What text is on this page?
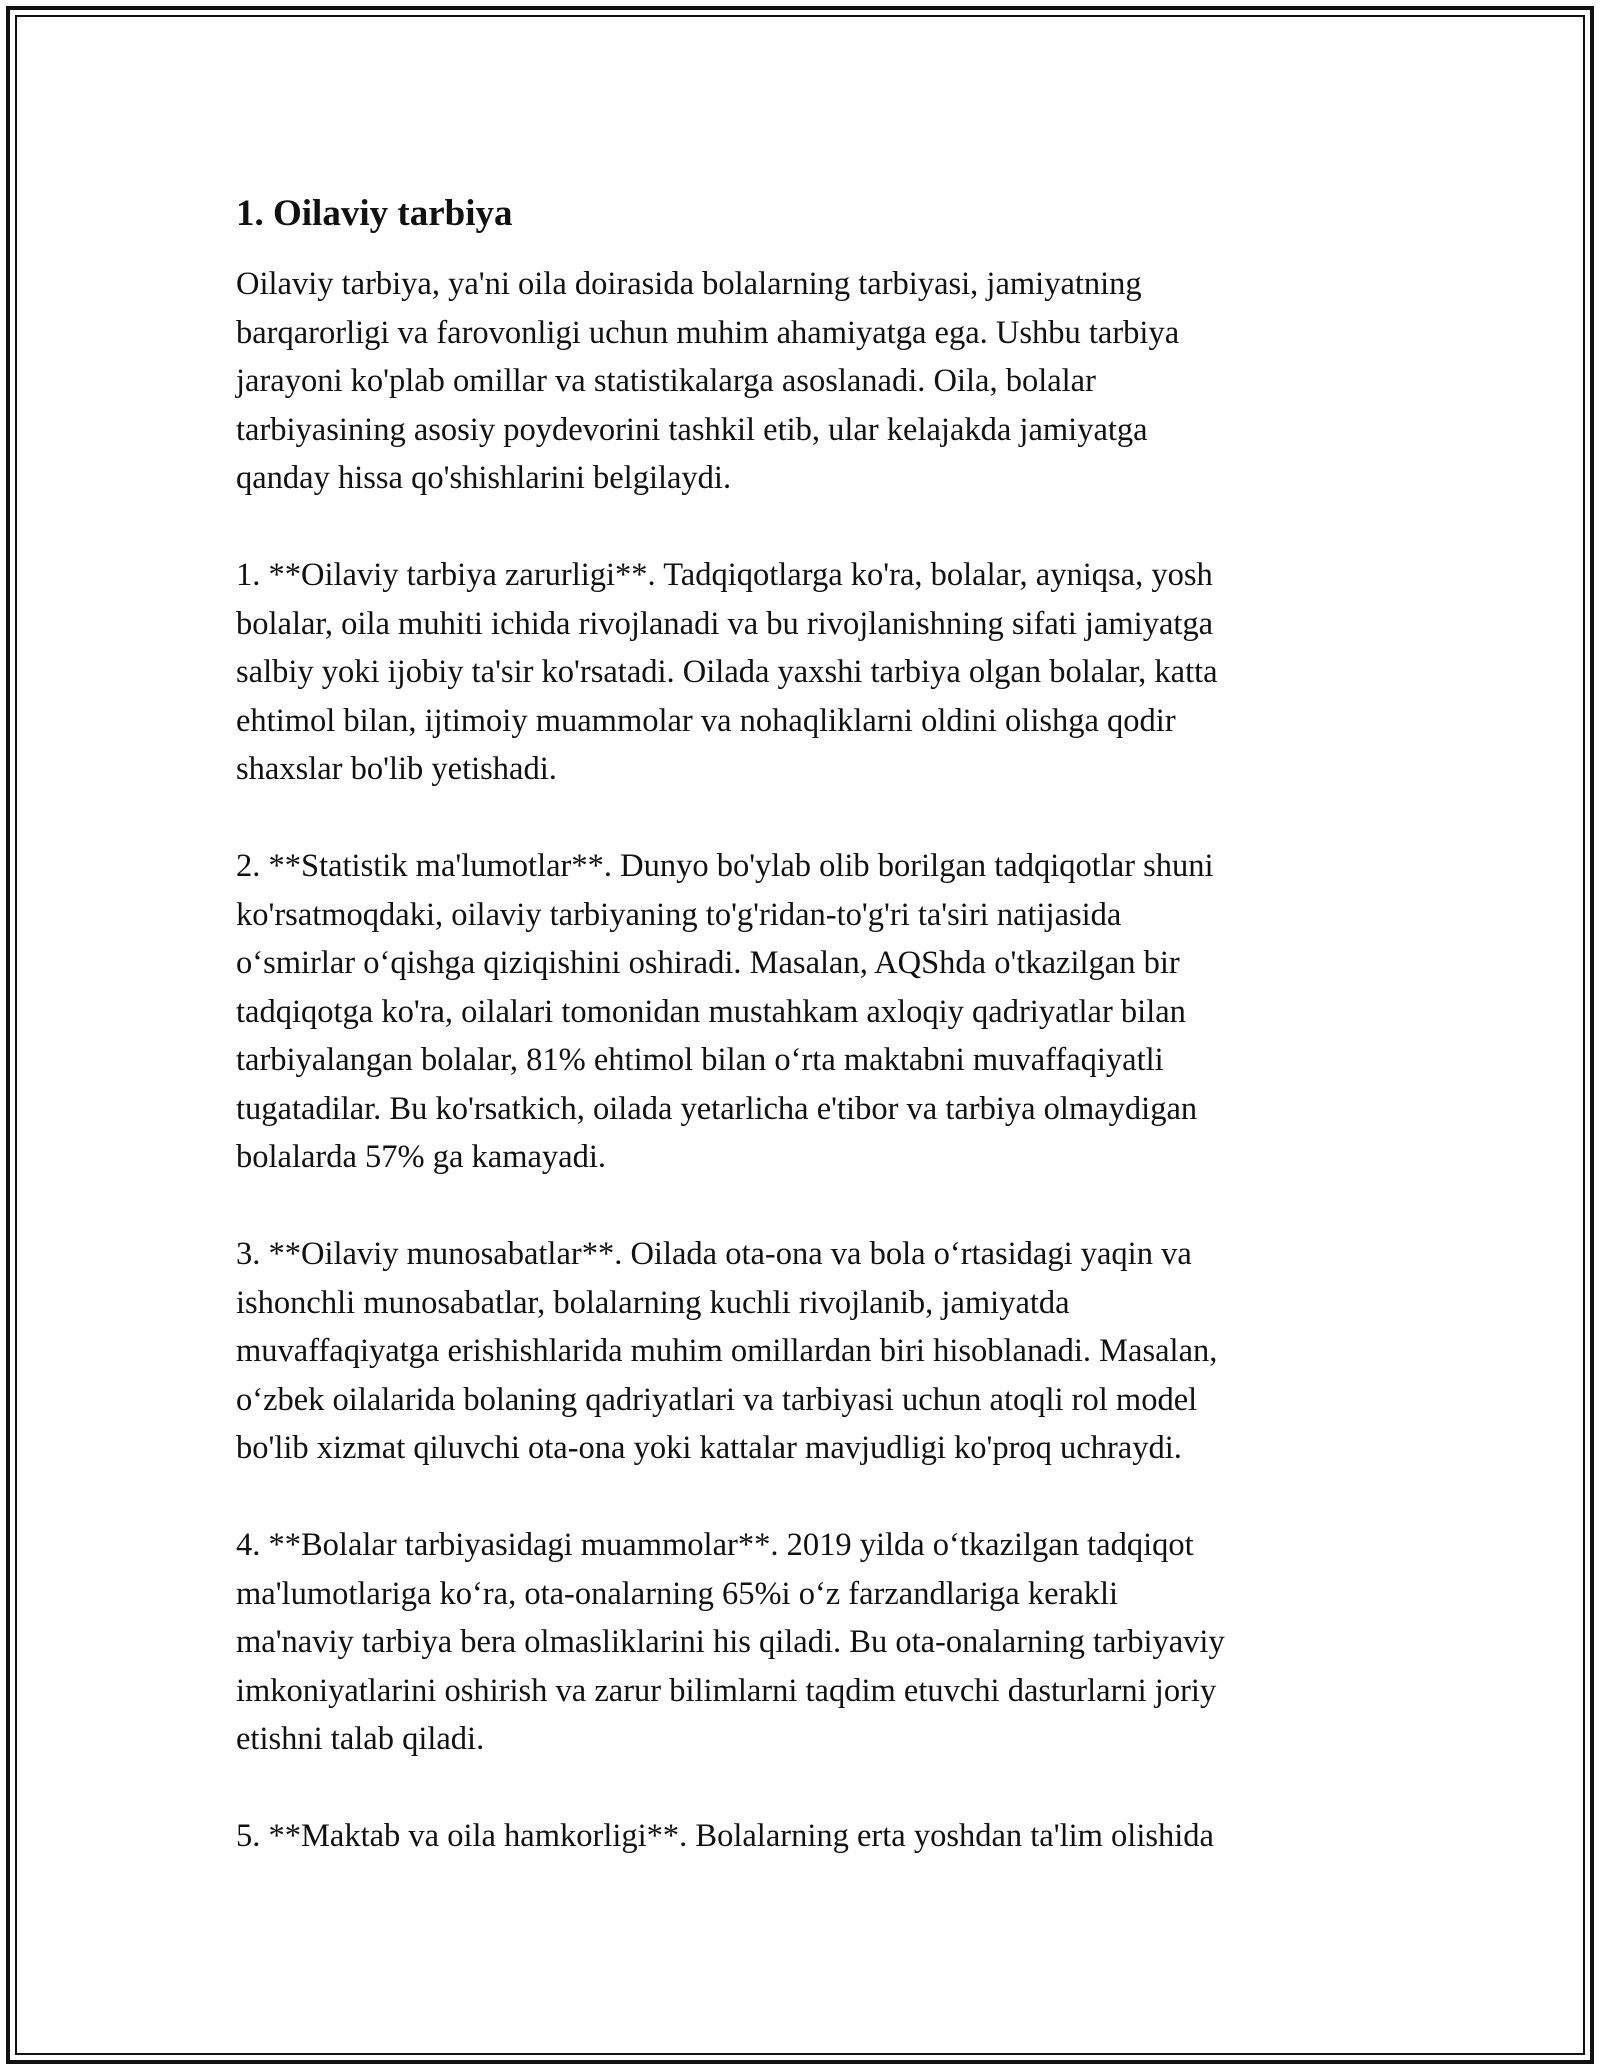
1. Oilaviy tarbiya

Oilaviy tarbiya, ya'ni oila doirasida bolalarning tarbiyasi, jamiyatning
barqarorligi va farovonligi uchun muhim ahamiyatga ega. Ushbu tarbiya
jarayoni ko'plab omillar va statistikalarga asoslanadi. Oila, bolalar
tarbiyasining asosiy poydevorini tashkil etib, ular kelajakda jamiyatga
qanday hissa qo'shishlarini belgilaydi.

1. **Oilaviy tarbiya zarurligi**. Tadqiqotlarga ko'ra, bolalar, ayniqsa, yosh
bolalar, oila muhiti ichida rivojlanadi va bu rivojlanishning sifati jamiyatga
salbiy yoki ijobiy ta'sir ko'rsatadi. Oilada yaxshi tarbiya olgan bolalar, katta
ehtimol bilan, ijtimoiy muammolar va nohaqliklarni oldini olishga qodir
shaxslar bo'lib yetishadi.

2. **Statistik ma'lumotlar**. Dunyo bo'ylab olib borilgan tadqiqotlar shuni
ko'rsatmoqdaki, oilaviy tarbiyaning to'g'ridan-to'g'ri ta'siri natijasida
o‘smirlar o‘qishga qiziqishini oshiradi. Masalan, AQShda o'tkazilgan bir
tadqiqotga ko'ra, oilalari tomonidan mustahkam axloqiy qadriyatlar bilan
tarbiyalangan bolalar, 81% ehtimol bilan o‘rta maktabni muvaffaqiyatli
tugatadilar. Bu ko'rsatkich, oilada yetarlicha e'tibor va tarbiya olmaydigan
bolalarda 57% ga kamayadi.

3. **Oilaviy munosabatlar**. Oilada ota-ona va bola o‘rtasidagi yaqin va
ishonchli munosabatlar, bolalarning kuchli rivojlanib, jamiyatda
muvaffaqiyatga erishishlarida muhim omillardan biri hisoblanadi. Masalan,
o‘zbek oilalarida bolaning qadriyatlari va tarbiyasi uchun atoqli rol model
bo'lib xizmat qiluvchi ota-ona yoki kattalar mavjudligi ko'proq uchraydi.

4. **Bolalar tarbiyasidagi muammolar**. 2019 yilda o‘tkazilgan tadqiqot
ma'lumotlariga ko‘ra, ota-onalarning 65%i o‘z farzandlariga kerakli
ma'naviy tarbiya bera olmasliklarini his qiladi. Bu ota-onalarning tarbiyaviy
imkoniyatlarini oshirish va zarur bilimlarni taqdim etuvchi dasturlarni joriy
etishni talab qiladi.

5. **Maktab va oila hamkorligi**. Bolalarning erta yoshdan ta'lim olishida
